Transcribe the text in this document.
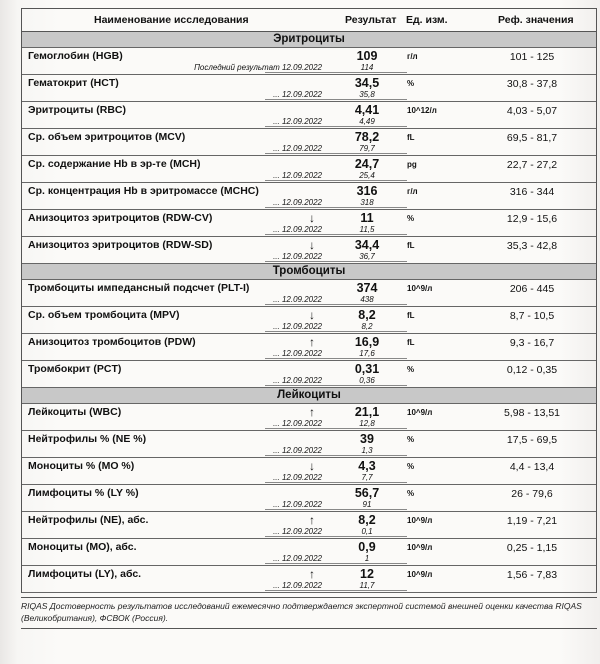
Наименование исследования	Результат Ед. изм.	Реф. значения
Эритроциты
Гемоглобин (HGB)	109	г/л	101 - 125
Последний результат 12.09.2022	114
Гематокрит (HCT)	34,5	%	30,8 - 37,8
... 12.09.2022	35,8
Эритроциты (RBC)	4,41	10^12/л	4,03 - 5,07
... 12.09.2022	4,49
Ср. объем эритроцитов (MCV)	78,2	fL	69,5 - 81,7
... 12.09.2022	79,7
Ср. содержание Hb в эр-те (MCH)	24,7	pg	22,7 - 27,2
... 12.09.2022	25,4
Ср. концентрация Hb в эритромассе (MCHC)	316	г/л	316 - 344
... 12.09.2022	318
Анизоцитоз эритроцитов (RDW-CV)	↓	11	%	12,9 - 15,6
... 12.09.2022	11,5
Анизоцитоз эритроцитов (RDW-SD)	↓	34,4	fL	35,3 - 42,8
... 12.09.2022	36,7
Тромбоциты
Тромбоциты импедансный подсчет (PLT-I)	374	10^9/л	206 - 445
... 12.09.2022	438
Ср. объем тромбоцита (MPV)	↓	8,2	fL	8,7 - 10,5
... 12.09.2022	8,2
Анизоцитоз тромбоцитов (PDW)	↑	16,9	fL	9,3 - 16,7
... 12.09.2022	17,6
Тромбокрит (PCT)	0,31	%	0,12 - 0,35
... 12.09.2022	0,36
Лейкоциты
Лейкоциты (WBC)	↑	21,1	10^9/л	5,98 - 13,51
... 12.09.2022	12,8
Нейтрофилы % (NE %)	39	%	17,5 - 69,5
... 12.09.2022	1,3
Моноциты % (MO %)	↓	4,3	%	4,4 - 13,4
... 12.09.2022	7,7
Лимфоциты % (LY %)	56,7	%	26 - 79,6
... 12.09.2022	91
Нейтрофилы (NE), абс.	↑	8,2	10^9/л	1,19 - 7,21
... 12.09.2022	0,1
Моноциты (MO), абс.	0,9	10^9/л	0,25 - 1,15
... 12.09.2022	1
Лимфоциты (LY), абс.	↑	12	10^9/л	1,56 - 7,83
... 12.09.2022	11,7
RIQAS Достоверность результатов исследований ежемесячно подтверждается экспертной системой внешней оценки качества RIQAS (Великобритания), ФСВОК (Россия).
